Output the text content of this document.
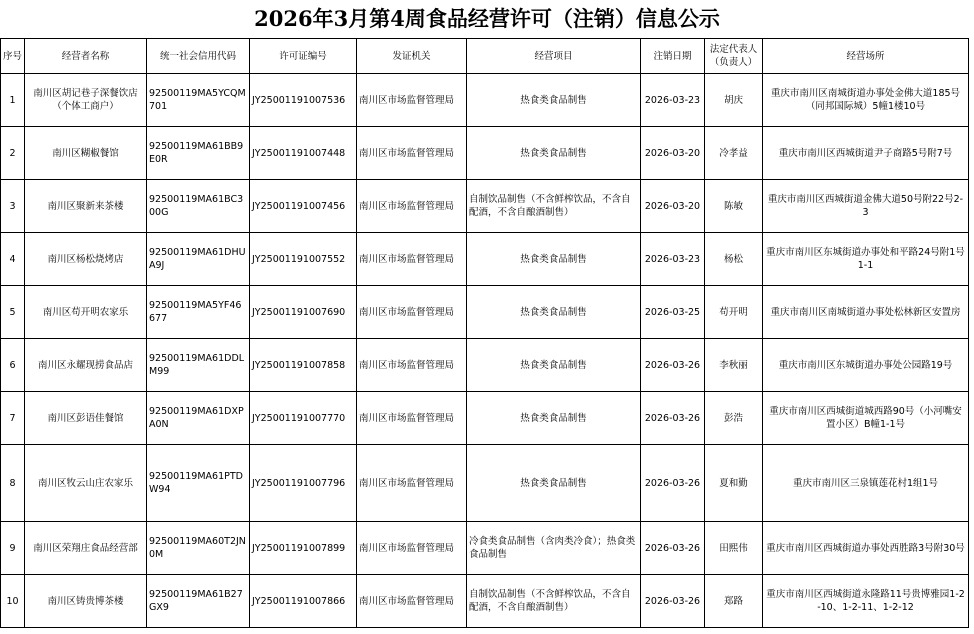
2026年3月第4周食品经营许可（注销）信息公示
序号	经营者名称	统一社会信用代码	许可证编号	发证机关	经营项目	注销日期	法定代表人（负责人）	经营场所
1	南川区胡记巷子深餐饮店（个体工商户）	92500119MA5YCQM701	JY25001191007536	南川区市场监督管理局	热食类食品制售	2026-03-23	胡庆	重庆市南川区南城街道办事处金佛大道185号（同邦国际城）5幢1楼10号
2	南川区糊椒餐馆	92500119MA61BB9E0R	JY25001191007448	南川区市场监督管理局	热食类食品制售	2026-03-20	冷孝益	重庆市南川区西城街道尹子商路5号附7号
3	南川区聚新来茶楼	92500119MA61BC300G	JY25001191007456	南川区市场监督管理局	自制饮品制售（不含鲜榨饮品，不含自配酒，不含自酿酒制售）	2026-03-20	陈敏	重庆市南川区西城街道金佛大道50号附22号2-3
4	南川区杨松烧烤店	92500119MA61DHUA9J	JY25001191007552	南川区市场监督管理局	热食类食品制售	2026-03-23	杨松	重庆市南川区东城街道办事处和平路24号附1号1-1
5	南川区苟开明农家乐	92500119MA5YF46677	JY25001191007690	南川区市场监督管理局	热食类食品制售	2026-03-25	苟开明	重庆市南川区南城街道办事处松林新区安置房
6	南川区永耀现捞食品店	92500119MA61DDLM99	JY25001191007858	南川区市场监督管理局	热食类食品制售	2026-03-26	李秋丽	重庆市南川区东城街道办事处公园路19号
7	南川区彭语佳餐馆	92500119MA61DXPA0N	JY25001191007770	南川区市场监督管理局	热食类食品制售	2026-03-26	彭浩	重庆市南川区西城街道城西路90号（小河嘴安置小区）B幢1-1号
8	南川区牧云山庄农家乐	92500119MA61PTDW94	JY25001191007796	南川区市场监督管理局	热食类食品制售	2026-03-26	夏和勤	重庆市南川区三泉镇莲花村1组1号
9	南川区荣翔庄食品经营部	92500119MA60T2JN0M	JY25001191007899	南川区市场监督管理局	冷食类食品制售（含肉类冷食）；热食类食品制售	2026-03-26	田熙伟	重庆市南川区西城街道办事处西胜路3号附30号
10	南川区铸贵博茶楼	92500119MA61B27GX9	JY25001191007866	南川区市场监督管理局	自制饮品制售（不含鲜榨饮品，不含自配酒，不含自酿酒制售）	2026-03-26	郑路	重庆市南川区西城街道永隆路11号贵博雅园1-2-10、1-2-11、1-2-12
